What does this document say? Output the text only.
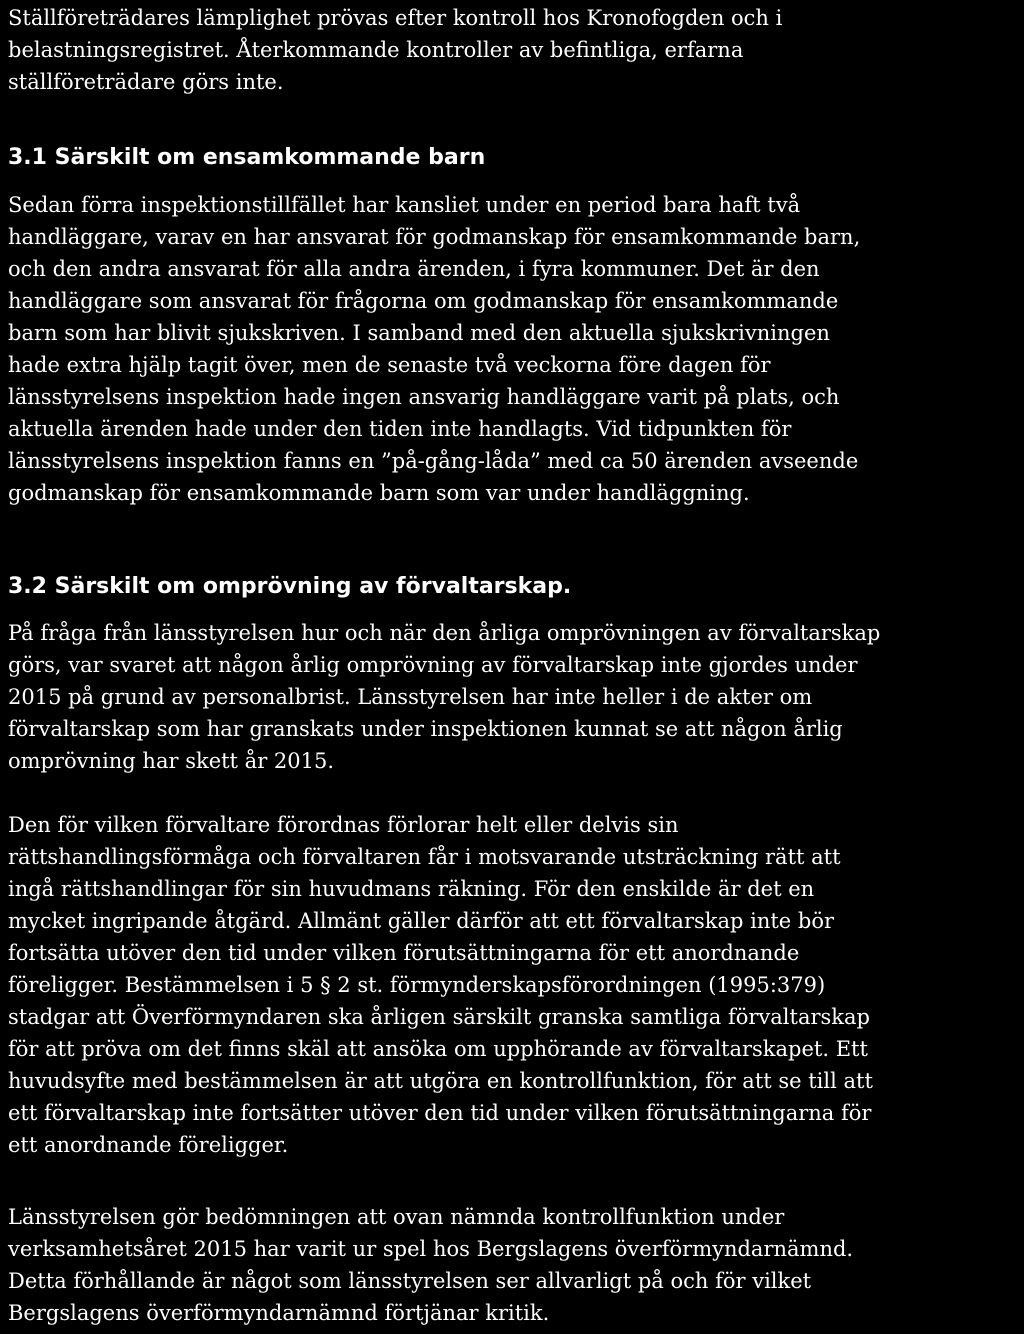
Ställföreträdares lämplighet prövas efter kontroll hos Kronofogden och i
belastningsregistret. Återkommande kontroller av befintliga, erfarna
ställföreträdare görs inte.

3.1 Särskilt om ensamkommande barn

Sedan förra inspektionstillfället har kansliet under en period bara haft två
handläggare, varav en har ansvarat för godmanskap för ensamkommande barn,
och den andra ansvarat för alla andra ärenden, i fyra kommuner. Det är den
handläggare som ansvarat för frågorna om godmanskap för ensamkommande
barn som har blivit sjukskriven. I samband med den aktuella sjukskrivningen
hade extra hjälp tagit över, men de senaste två veckorna före dagen för
länsstyrelsens inspektion hade ingen ansvarig handläggare varit på plats, och
aktuella ärenden hade under den tiden inte handlagts. Vid tidpunkten för
länsstyrelsens inspektion fanns en ”på-gång-låda” med ca 50 ärenden avseende
godmanskap för ensamkommande barn som var under handläggning.

3.2 Särskilt om omprövning av förvaltarskap.

På fråga från länsstyrelsen hur och när den årliga omprövningen av förvaltarskap
görs, var svaret att någon årlig omprövning av förvaltarskap inte gjordes under
2015 på grund av personalbrist. Länsstyrelsen har inte heller i de akter om
förvaltarskap som har granskats under inspektionen kunnat se att någon årlig
omprövning har skett år 2015.

Den för vilken förvaltare förordnas förlorar helt eller delvis sin
rättshandlingsförmåga och förvaltaren får i motsvarande utsträckning rätt att
ingå rättshandlingar för sin huvudmans räkning. För den enskilde är det en
mycket ingripande åtgärd. Allmänt gäller därför att ett förvaltarskap inte bör
fortsätta utöver den tid under vilken förutsättningarna för ett anordnande
föreligger. Bestämmelsen i 5 § 2 st. förmynderskapsförordningen (1995:379)
stadgar att Överförmyndaren ska årligen särskilt granska samtliga förvaltarskap
för att pröva om det finns skäl att ansöka om upphörande av förvaltarskapet. Ett
huvudsyfte med bestämmelsen är att utgöra en kontrollfunktion, för att se till att
ett förvaltarskap inte fortsätter utöver den tid under vilken förutsättningarna för
ett anordnande föreligger.

Länsstyrelsen gör bedömningen att ovan nämnda kontrollfunktion under
verksamhetsåret 2015 har varit ur spel hos Bergslagens överförmyndarnämnd.
Detta förhållande är något som länsstyrelsen ser allvarligt på och för vilket
Bergslagens överförmyndarnämnd förtjänar kritik.
